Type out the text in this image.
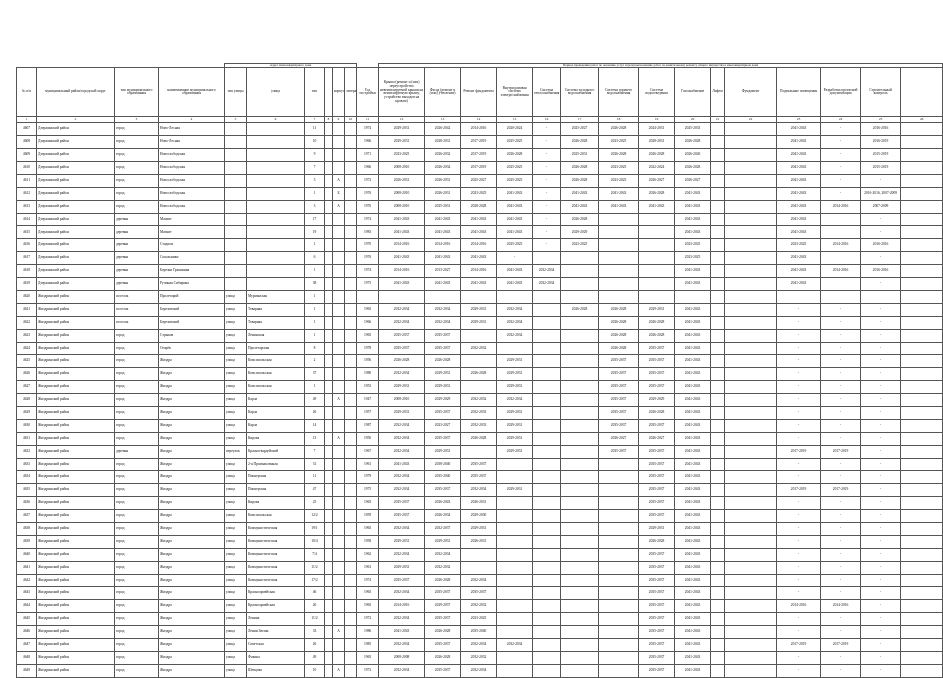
				Адрес многоквартирного дома							Период проведения работ по оказанию услуг и (или) выполнению работ по капитальному ремонту общего имущества в многоквартирном доме														
№ п/п	муниципальный район/городской округ	тип муниципального образования	наименование муниципального образования	тип улицы	улица	тип		корпус	литера	Год постройки	Крыша (ремонт и (или) переустройство невентилируемой крыши на вентилируемую крышу, устройство выходов на кровлю)	Фасад (ремонт и (или) утепление)	Ремонт фундамента	Внутридомовая система электроснабжения	Система теплоснабжения	Система холодного водоснабжения	Система горячего водоснабжения	Система водоотведения	Газоснабжение	Лифты	Фундамент	Подвальные помещения	Разработка проектной документации	Строительный контроль	
1	2	3	4	5	6	7	8	9	10	11	12	13	14	15	16	17	18	19	20	21	22	23	24	25	26
4607	Дзержинский район	город	Ново-Лесная			11				1974	2029-2031	2026-2042	2014-2016	2020-2024	-	2025-2027	2026-2028	2024-2031	2025-2033			2041-2043	-	2016-2016	
4608	Дзержинский район	город	Ново-Лесная			10				1966	2029-2031	2028-2031	2017-2019	2025-2025	-	2026-2028	2023-2025	2028-2031	2026-2028			2041-2043	-	2016-2019	
4609	Дзержинский район	город	Новослободская			9				1971	2023-2025	2026-2032	2017-2019	2026-2028	-	2025-2031	2026-2028	2026-2028	2026-2026			2041-2043	-	2015-2019	
4610	Дзержинский район	город	Новослободская			7				1966	2008-2010	2026-2034	2017-2019	2025-2025	-	2026-2028	2023-2025	2022-2024	2026-2028			2041-2043	-	2015-2019	
4611	Дзержинский район	город	Новослободская			5		А		1972	2026-2031	2026-2031	2025-2027	2025-2025	-	2026-2028	2023-2025	2026-2027	2026-2027			2041-2043	-	-	
4612	Дзержинский район	город	Новослободская			1		Б		1976	2008-2010	2026-2031	2023-2025	2041-2043	-	2041-2043	2041-2043	2026-2028	2041-2043			2041-2043	-	2016-2016, 2007-2009	
4613	Дзержинский район	город	Новослободская			3		А		1976	2008-2010	2025-2031	2028-2028	2041-2043	-	2041-2043	2041-2043	2041-2043	2041-2043			2041-2043	2014-2016	2007-2009	
4614	Дзержинский район	деревня	Магнит			17				1974	2041-2043	2041-2043	2041-2043	2041-2043	-	2026-2028			2041-2043			2041-2043		-	
4615	Дзержинский район	деревня	Магнит			19				1983	2041-2043	2041-2043	2041-2043	2041-2043	-	2029-2029			2041-2043			2041-2043		-	
4616	Дзержинский район	деревня	Стадион			1				1970	2014-2016	2014-2016	2014-2016	2025-2025	-	2023-2025			2023-2025			2023-2025	2014-2016	2016-2016	
4617	Дзержинский район	деревня	Сокольники			6				1976	2041-2043	2041-2043	2041-2043	-					2023-2025			2041-2043		-	
4618	Дзержинский район	деревня	Березки Грачинина			1				1974	2014-2016	2013-2027	2014-2016	2041-2043	2032-2034				2041-2043			2041-2043	2014-2016	2016-2016	
4619	Дзержинский район	деревня	Ручиная Сибирина			38				1975	2041-2043	2041-2043	2041-2043	2041-2043	2032-2034				2041-2043			2041-2043		-	
4620	Жиздринский район	поселок	Пролетарий	улица	Мурманская	1																			
4621	Жиздринский район	поселок	Березовский	улица	Товарная	1				1965	2032-2034	2032-2034	2029-2031	2032-2034		2026-2028	2026-2028	2029-2031	2041-2043			-	-	-	
4622	Жиздринский район	поселок	Березовский	улица	Товарная	1				1966	2032-2034	2032-2034	2029-2031	2032-2034			2026-2028	2026-2028	2041-2043			-	-	-	
4623	Жиздринский район	город	Стрыков	улица	Ленинская	1				1965	2035-2037	2035-2037		2032-2034			2026-2028	2026-2028	2041-2043			-	-	-	
4624	Жиздринский район	город	Огарёв	улица	Пролетарская	8				1978	2035-2037	2035-2037	2032-2032				2026-2028	2035-2037	2041-2043			-	-	-	
4625	Жиздринский район	город	Жиздра	улица	Комсомольская	2				1956	2026-2028	2026-2028		2029-2031			2035-2037	2035-2037	2041-2043			-	-	-	
4626	Жиздринский район	город	Жиздра	улица	Комсомольская	37				1980	2032-2034	2029-2031	2026-2028	2029-2031			2035-2037	2035-2037	2041-2043			-	-	-	
4627	Жиздринский район	город	Жиздра	улица	Комсомольская	1				1953	2029-2031	2029-2031		2029-2031			2035-2037	2035-2037	2041-2043			-	-	-	
4628	Жиздринский район	город	Жиздра	улица	Карла	49		А		1947	2008-2010	2029-2029	2032-2032	2032-2034			2035-2037	2029-2029	2041-2043			-	-	-	
4629	Жиздринский район	город	Жиздра	улица	Карла	26				1957	2029-2031	2035-2037	2032-2033	2029-2031			2035-2037	2026-2028	2041-2043			-	-	-	
4630	Жиздринский район	город	Жиздра	улица	Карла	14				1987	2032-2034	2023-2027	2032-2033	2029-2031			2035-2037	2035-2037	2041-2043			-	-	-	
4631	Жиздринский район	город	Жиздра	улица	Кирова	13		А		1950	2032-2034	2035-2037	2026-2028	2029-2031			2026-2027	2026-2027	2041-2043			-	-	-	
4632	Жиздринский район	деревня	Жиздра	переулок	Красногвардейский	7				1967	2032-2034	2029-2031		2029-2031			2035-2037	2035-2037	2041-2043			2017-2019	2017-2019	-	
4633	Жиздринский район	город	Жиздра	улица	2-я Промышленная	31				1961	2041-2043	2038-2040	2035-2037					2035-2037	2041-2043			-	-	-	
4634	Жиздринский район	город	Жиздра	улица	Пионерская	11				1979	2032-2034	2035-2040	2035-2037					2035-2037	2041-2043			-	-	-	
4635	Жиздринский район	город	Жиздра	улица	Пионерская	47				1975	2032-2034	2035-2037	2032-2034	2029-2031				2035-2037	2041-2043			2017-2019	2017-2019	-	
4636	Жиздринский район	город	Жиздра	улица	Кирова	25				1965	2035-2037	2026-2043	2026-2031					2035-2037	2041-2043			-	-	-	
4637	Жиздринский район	город	Жиздра	улица	Комсомольская	12/2				1959	2035-2037	2026-2034	2029-2030					2035-2037	2041-2043			-	-	-	
4638	Жиздринский район	город	Жиздра	улица	Коммунистическая	19/1				1965	2032-2034	2032-2037	2029-2031					2029-2031	2041-2043			-	-	-	
4639	Жиздринский район	город	Жиздра	улица	Коммунистическая	10/4				1958	2029-2031	2029-2031	2026-2031					2026-2028	2041-2043			-	-	-	
4640	Жиздринский район	город	Жиздра	улица	Коммунистическая	7/4				1962	2032-2034	2032-2034						2035-2037	2041-2043			-	-	-	
4641	Жиздринский район	город	Жиздра	улица	Коммунистическая	11/2				1961	2029-2031	2032-2032						2035-2037	2041-2043			-	-	-	
4642	Жиздринский район	город	Жиздра	улица	Коммунистическая	17/2				1974	2035-2037	2026-2028	2032-2034					2035-2037	2041-2043			-	-	-	
4643	Жиздринский район	город	Жиздра	улица	Красноармейская	46				1965	2032-2034	2035-2037	2035-2037					2035-2037	2041-2043			-	-	-	
4644	Жиздринский район	город	Жиздра	улица	Красноармейская	26				1965	2014-2016	2029-2037	2032-2032					2035-2037	2041-2043			2014-2016	2014-2016	-	
4645	Жиздринский район	город	Жиздра	улица	Ленина	11/2				1972	2032-2034	2035-2037	2023-2025					2035-2037	2041-2043			-	-	-	
4646	Жиздринский район	город	Жиздра	улица	Ленин Зюзин	33		А		1986	2041-2043	2026-2028	2035-2040					2035-2037	2041-2043			-	-	-	
4647	Жиздринский район	город	Жиздра	улица	Советская	26				1985	2032-2034	2035-2037	2032-2034	2032-2034				2035-2037	2041-2043			2017-2019	2017-2019	-	
4648	Жиздринский район	город	Жиздра	улица	Фокина	49				1965	2008-2008	2026-2028	2032-2032					2035-2037	2041-2043			-	-	-	
4649	Жиздринский район	город	Жиздра	улица	Шевцова	10		А		1972	2032-2034	2035-2037	2032-2034					2035-2037	2041-2043			-	-	-	
